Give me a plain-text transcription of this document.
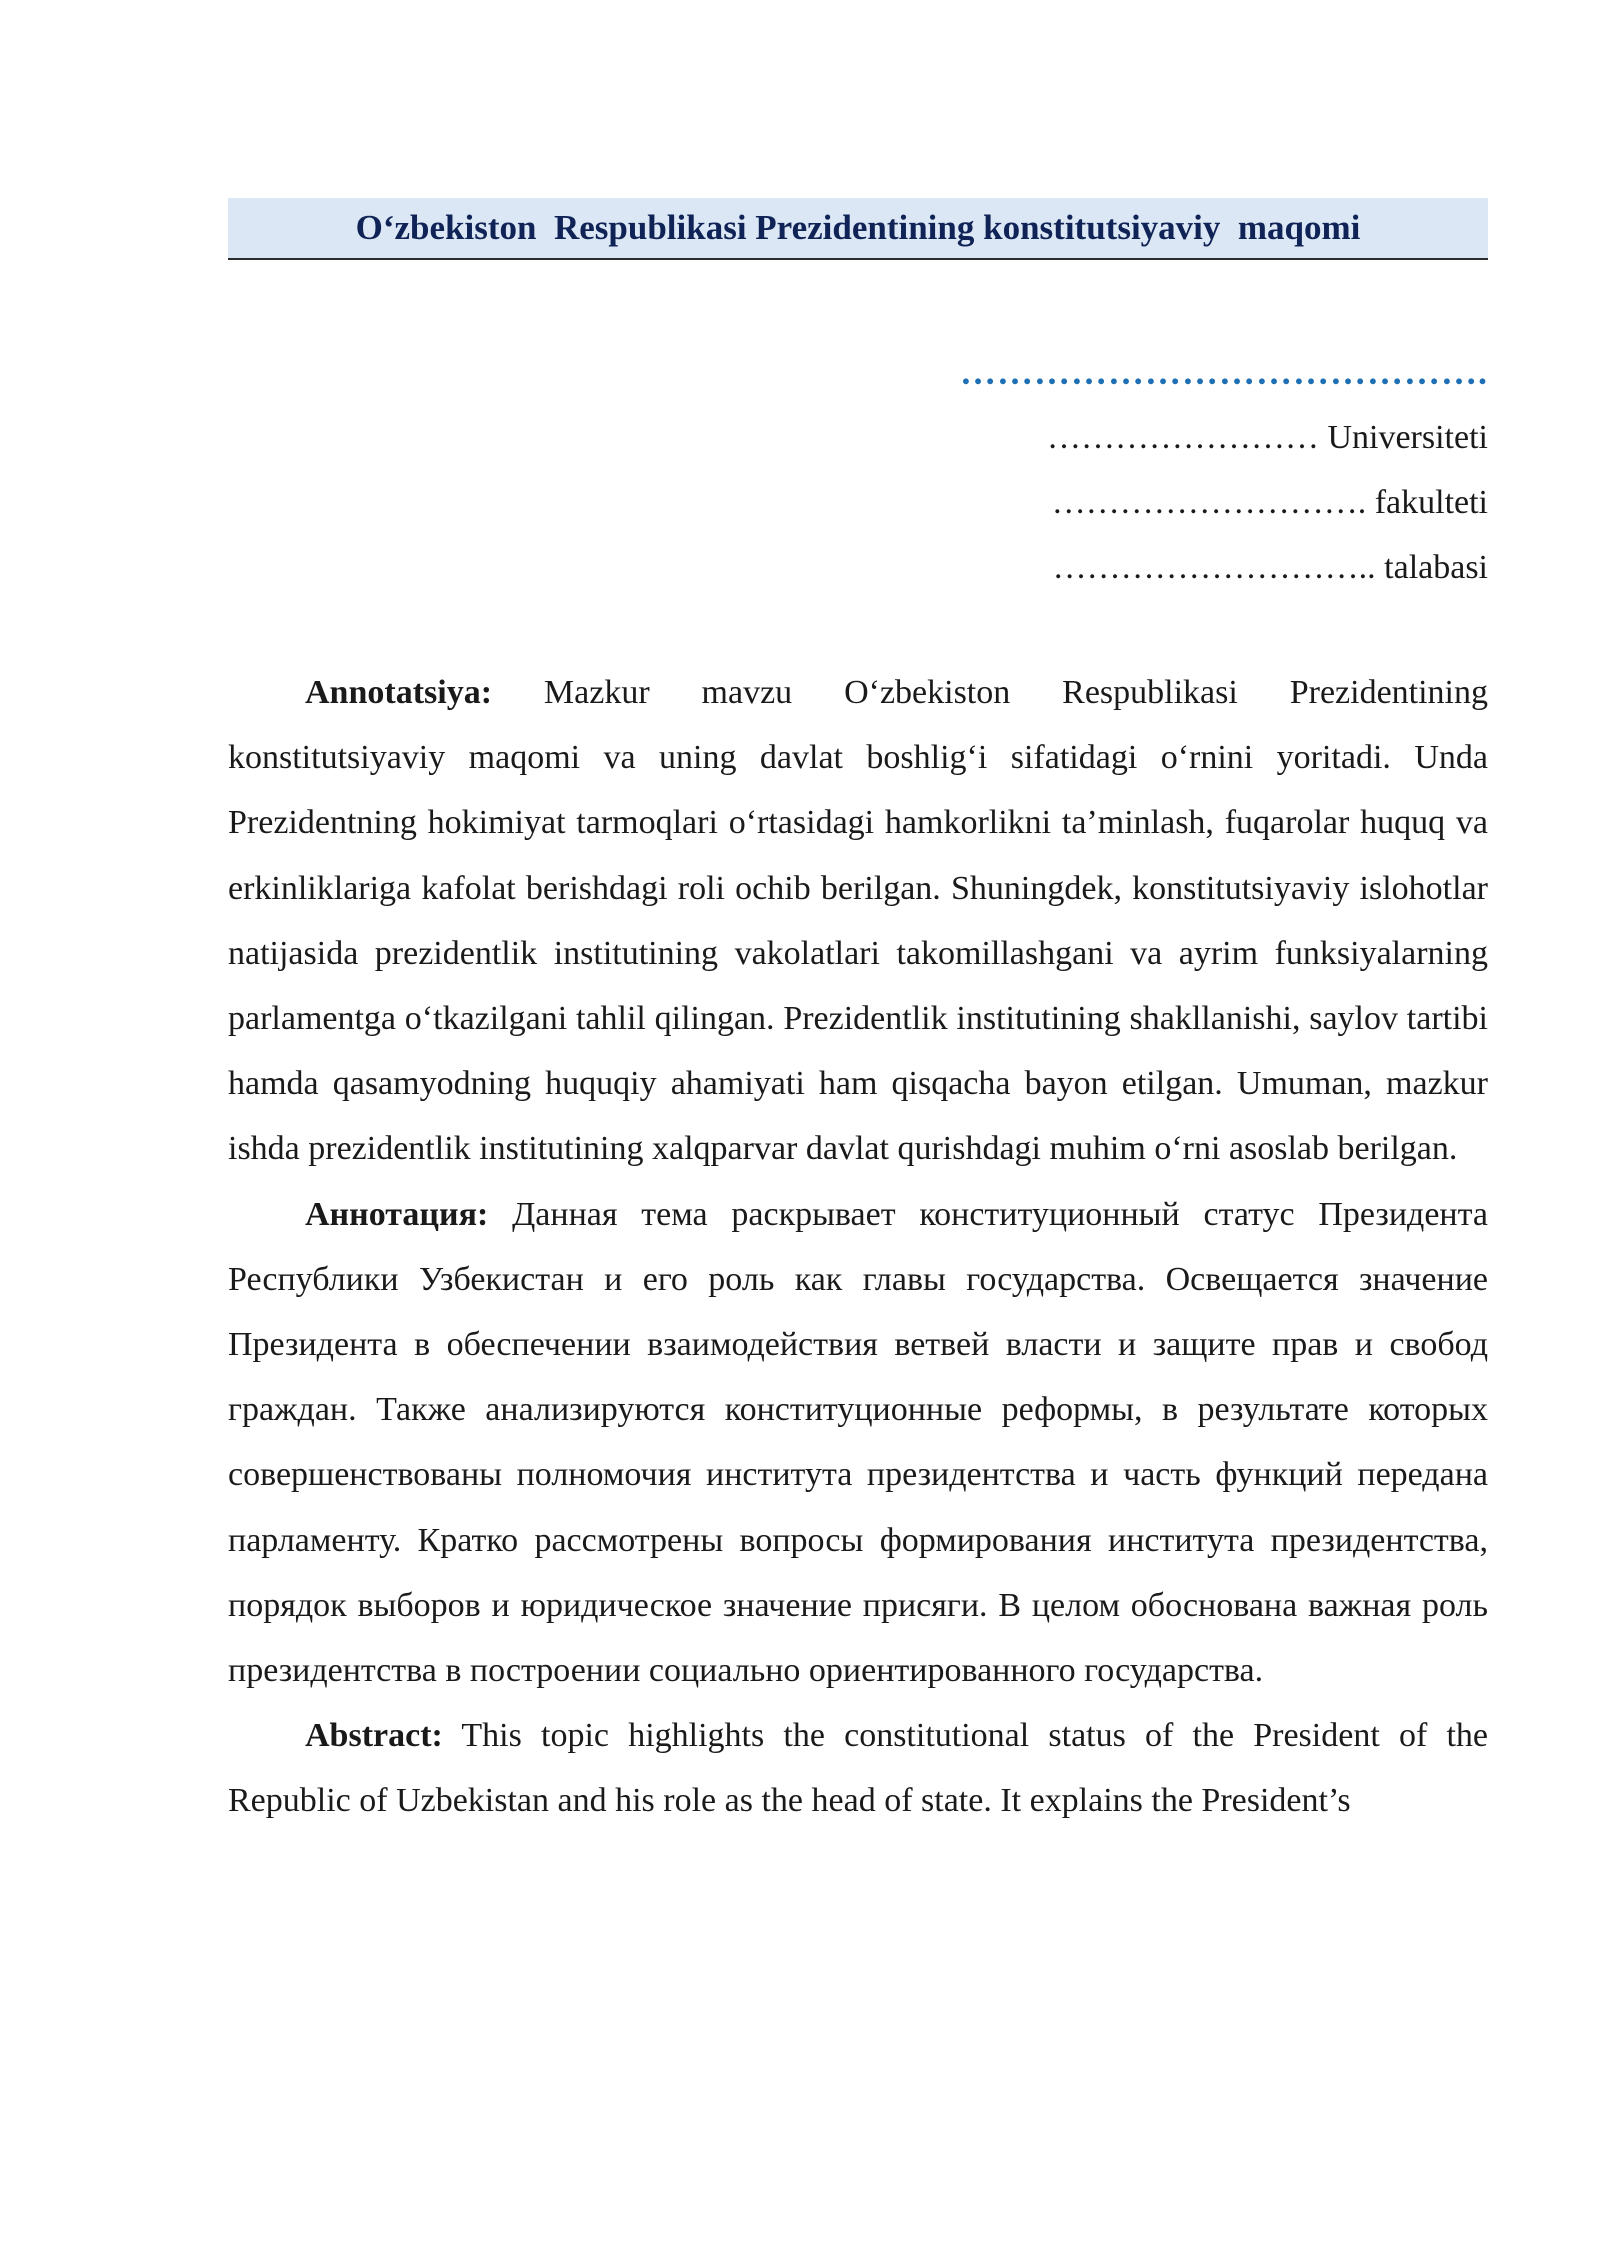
O‘zbekiston  Respublikasi Prezidentining konstitutsiyaviy  maqomi
…………………………………….
…………………… Universiteti
………………………. fakulteti
……………………….. talabasi

Annotatsiya: Mazkur mavzu O‘zbekiston Respublikasi Prezidentining konstitutsiyaviy maqomi va uning davlat boshlig‘i sifatidagi o‘rnini yoritadi. Unda Prezidentning hokimiyat tarmoqlari o‘rtasidagi hamkorlikni ta’minlash, fuqarolar huquq va erkinliklariga kafolat berishdagi roli ochib berilgan. Shuningdek, konstitutsiyaviy islohotlar natijasida prezidentlik institutining vakolatlari takomillashgani va ayrim funksiyalarning parlamentga o‘tkazilgani tahlil qilingan. Prezidentlik institutining shakllanishi, saylov tartibi hamda qasamyodning huquqiy ahamiyati ham qisqacha bayon etilgan. Umuman, mazkur ishda prezidentlik institutining xalqparvar davlat qurishdagi muhim o‘rni asoslab berilgan.

Аннотация: Данная тема раскрывает конституционный статус Президента Республики Узбекистан и его роль как главы государства. Освещается значение Президента в обеспечении взаимодействия ветвей власти и защите прав и свобод граждан. Также анализируются конституционные реформы, в результате которых совершенствованы полномочия института президентства и часть функций передана парламенту. Кратко рассмотрены вопросы формирования института президентства, порядок выборов и юридическое значение присяги. В целом обоснована важная роль президентства в построении социально ориентированного государства.

Abstract: This topic highlights the constitutional status of the President of the Republic of Uzbekistan and his role as the head of state. It explains the President’s
